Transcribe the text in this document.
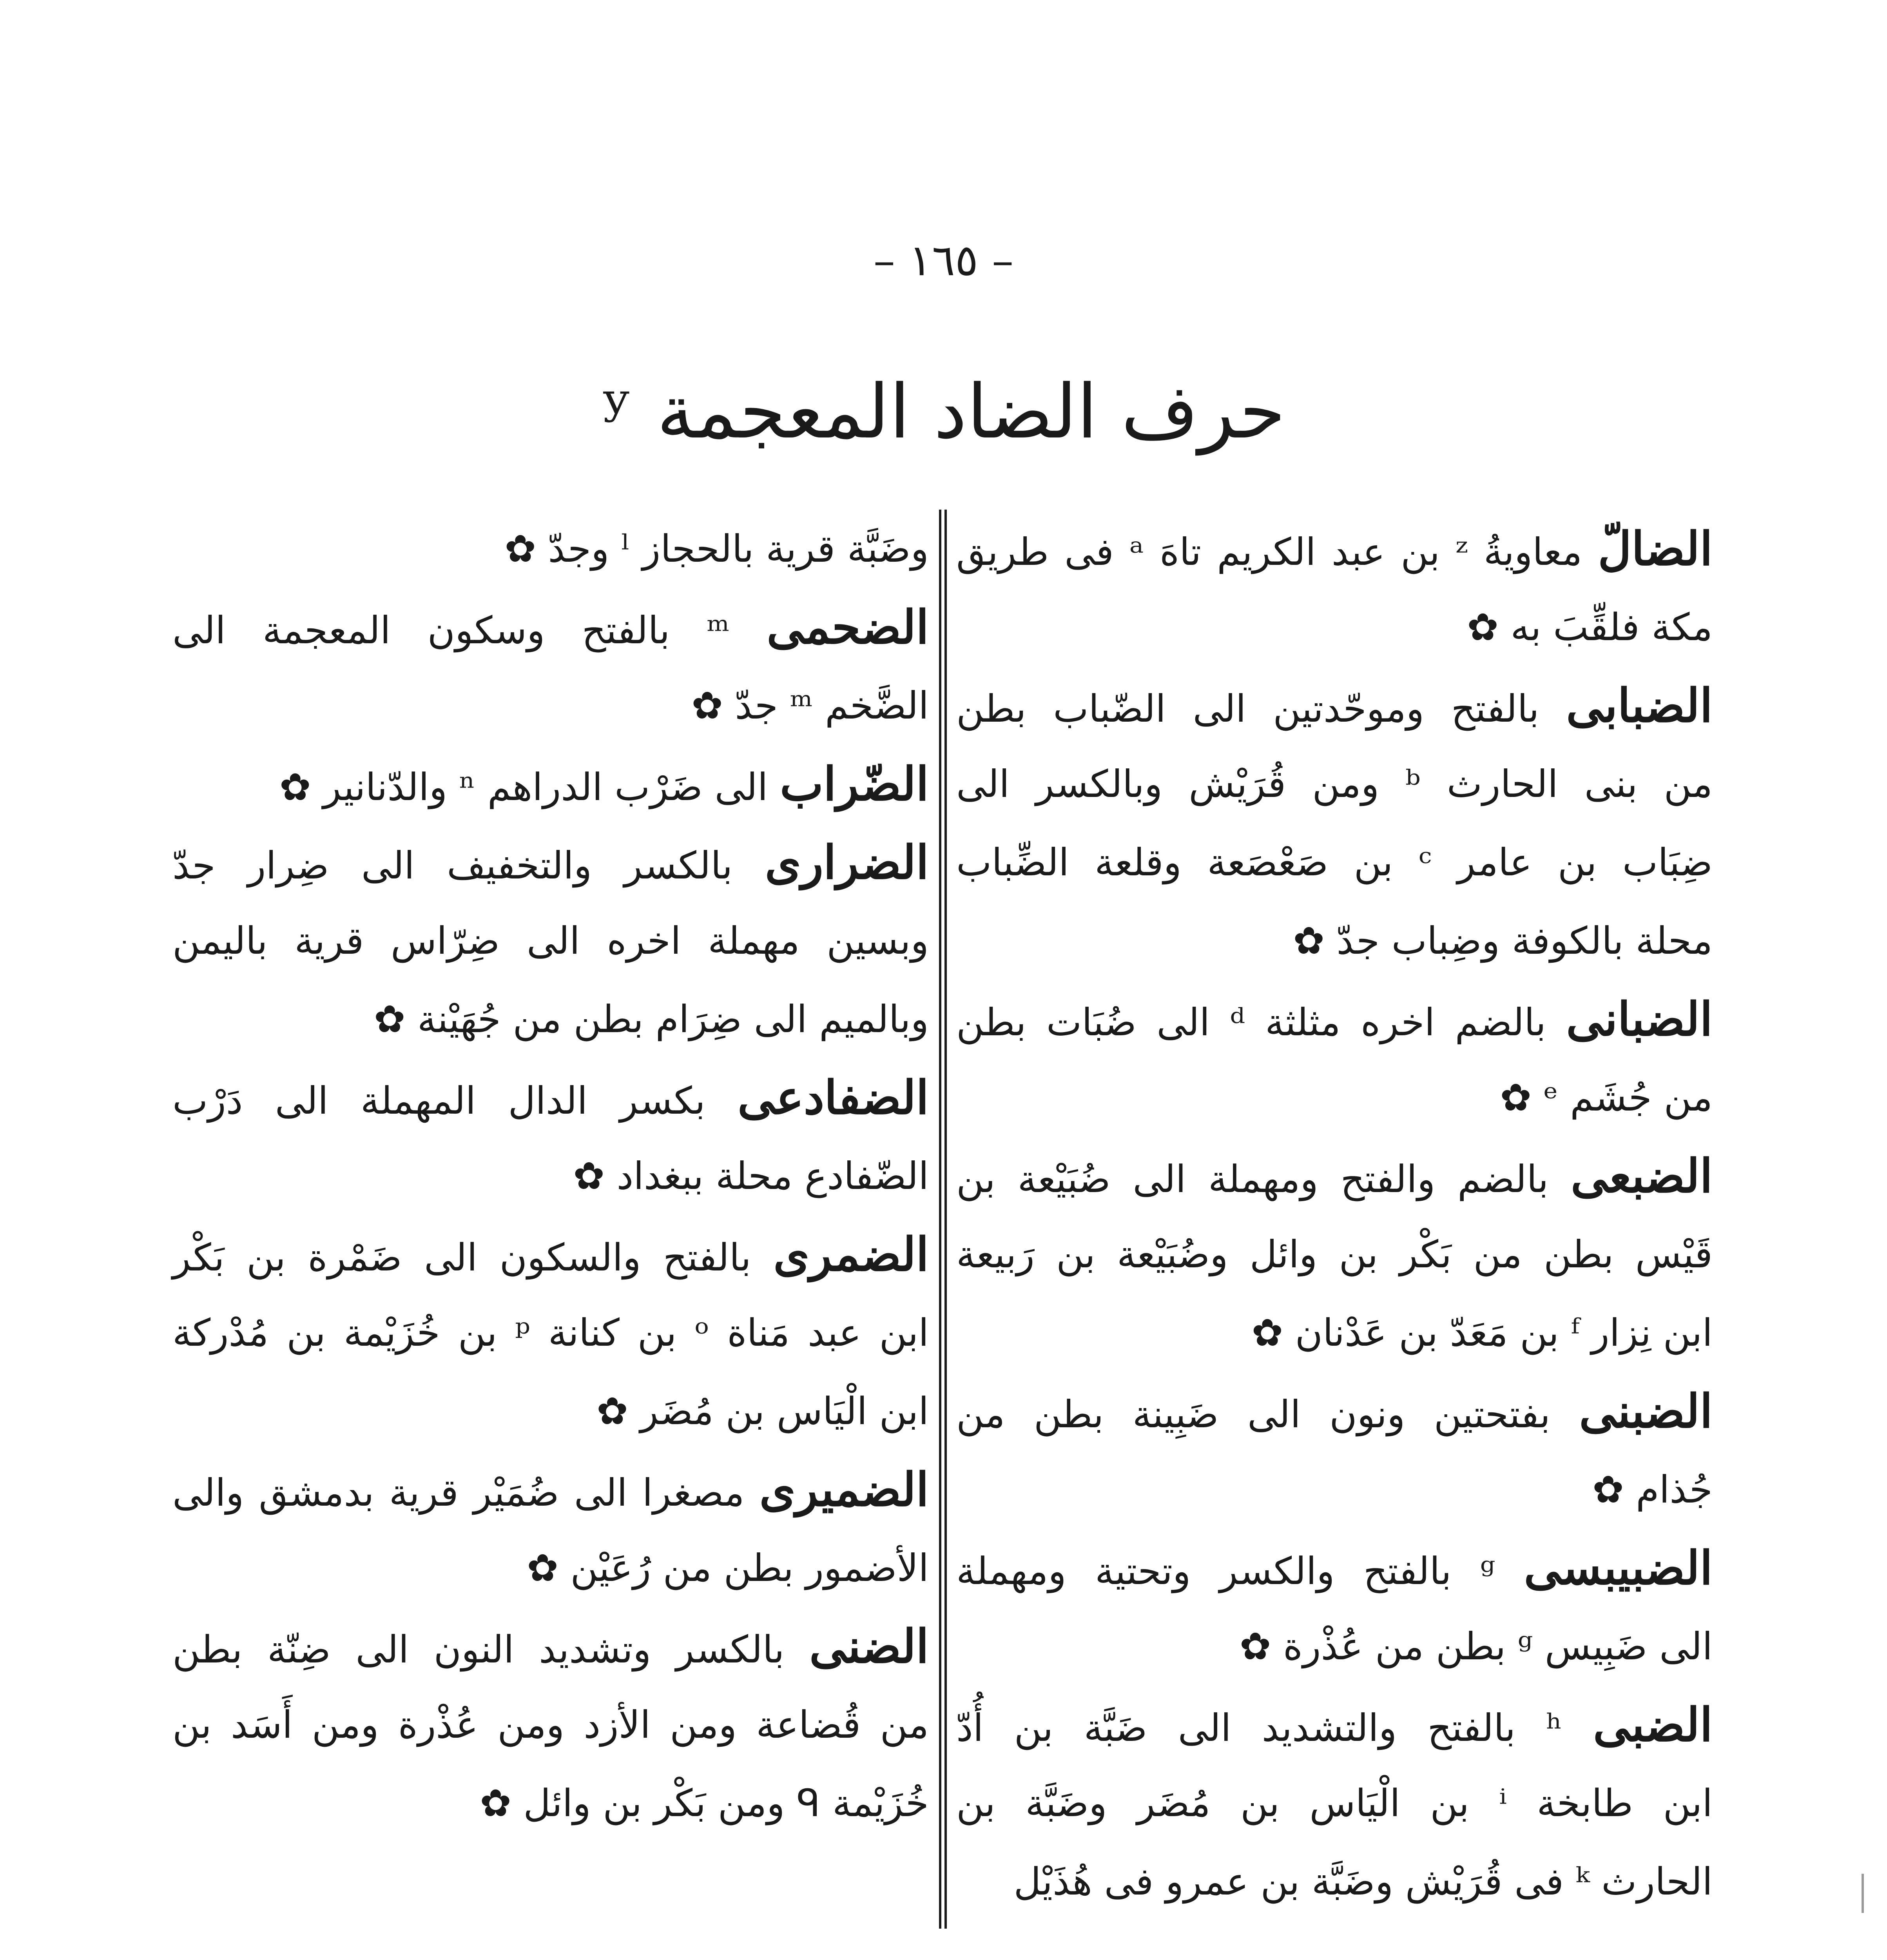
– ١٦٥ –
حرف الضاد المعجمة ʸ
الضالّ معاويةُ ᶻ بن عبد الكريم تاهَ ᵃ فى طريق
مكة فلقِّبَ به ✿
الضبابى بالفتح وموحّدتين الى الضّباب بطن
من بنى الحارث ᵇ ومن قُرَيْش وبالكسر الى
ضِبَاب بن عامر ᶜ بن صَعْصَعة وقلعة الضِّباب
محلة بالكوفة وضِباب جدّ ✿
الضبانى بالضم اخره مثلثة ᵈ الى ضُبَات بطن
من جُشَم ᵉ ✿
الضبعى بالضم والفتح ومهملة الى ضُبَيْعة بن
قَيْس بطن من بَكْر بن وائل وضُبَيْعة بن رَبيعة
ابن نِزار ᶠ بن مَعَدّ بن عَدْنان ✿
الضبنى بفتحتين ونون الى ضَبِينة بطن من
جُذام ✿
الضبيبسى ᵍ بالفتح والكسر وتحتية ومهملة
الى ضَبِيس ᵍ بطن من عُذْرة ✿
الضبى ʰ بالفتح والتشديد الى ضَبَّة بن أُدّ
ابن طابخة ⁱ بن الْيَاس بن مُضَر وضَبَّة بن
الحارث ᵏ فى قُرَيْش وضَبَّة بن عمرو فى هُذَيْل
وضَبَّة قرية بالحجاز ˡ وجدّ ✿
الضحمى ᵐ بالفتح وسكون المعجمة الى
الضَّخم ᵐ جدّ ✿
الضّراب الى ضَرْب الدراهم ⁿ والدّنانير ✿
الضرارى بالكسر والتخفيف الى ضِرار جدّ
وبسين مهملة اخره الى ضِرّاس قرية باليمن
وبالميم الى ضِرَام بطن من جُهَيْنة ✿
الضفادعى بكسر الدال المهملة الى دَرْب
الضّفادع محلة ببغداد ✿
الضمرى بالفتح والسكون الى ضَمْرة بن بَكْر
ابن عبد مَناة ᵒ بن كنانة ᵖ بن خُزَيْمة بن مُدْركة
ابن الْيَاس بن مُضَر ✿
الضميرى مصغرا الى ضُمَيْر قرية بدمشق والى
الأضمور بطن من رُعَيْن ✿
الضنى بالكسر وتشديد النون الى ضِنّة بطن
من قُضاعة ومن الأزد ومن عُذْرة ومن أَسَد بن
خُزَيْمة ᑫ ومن بَكْر بن وائل ✿
